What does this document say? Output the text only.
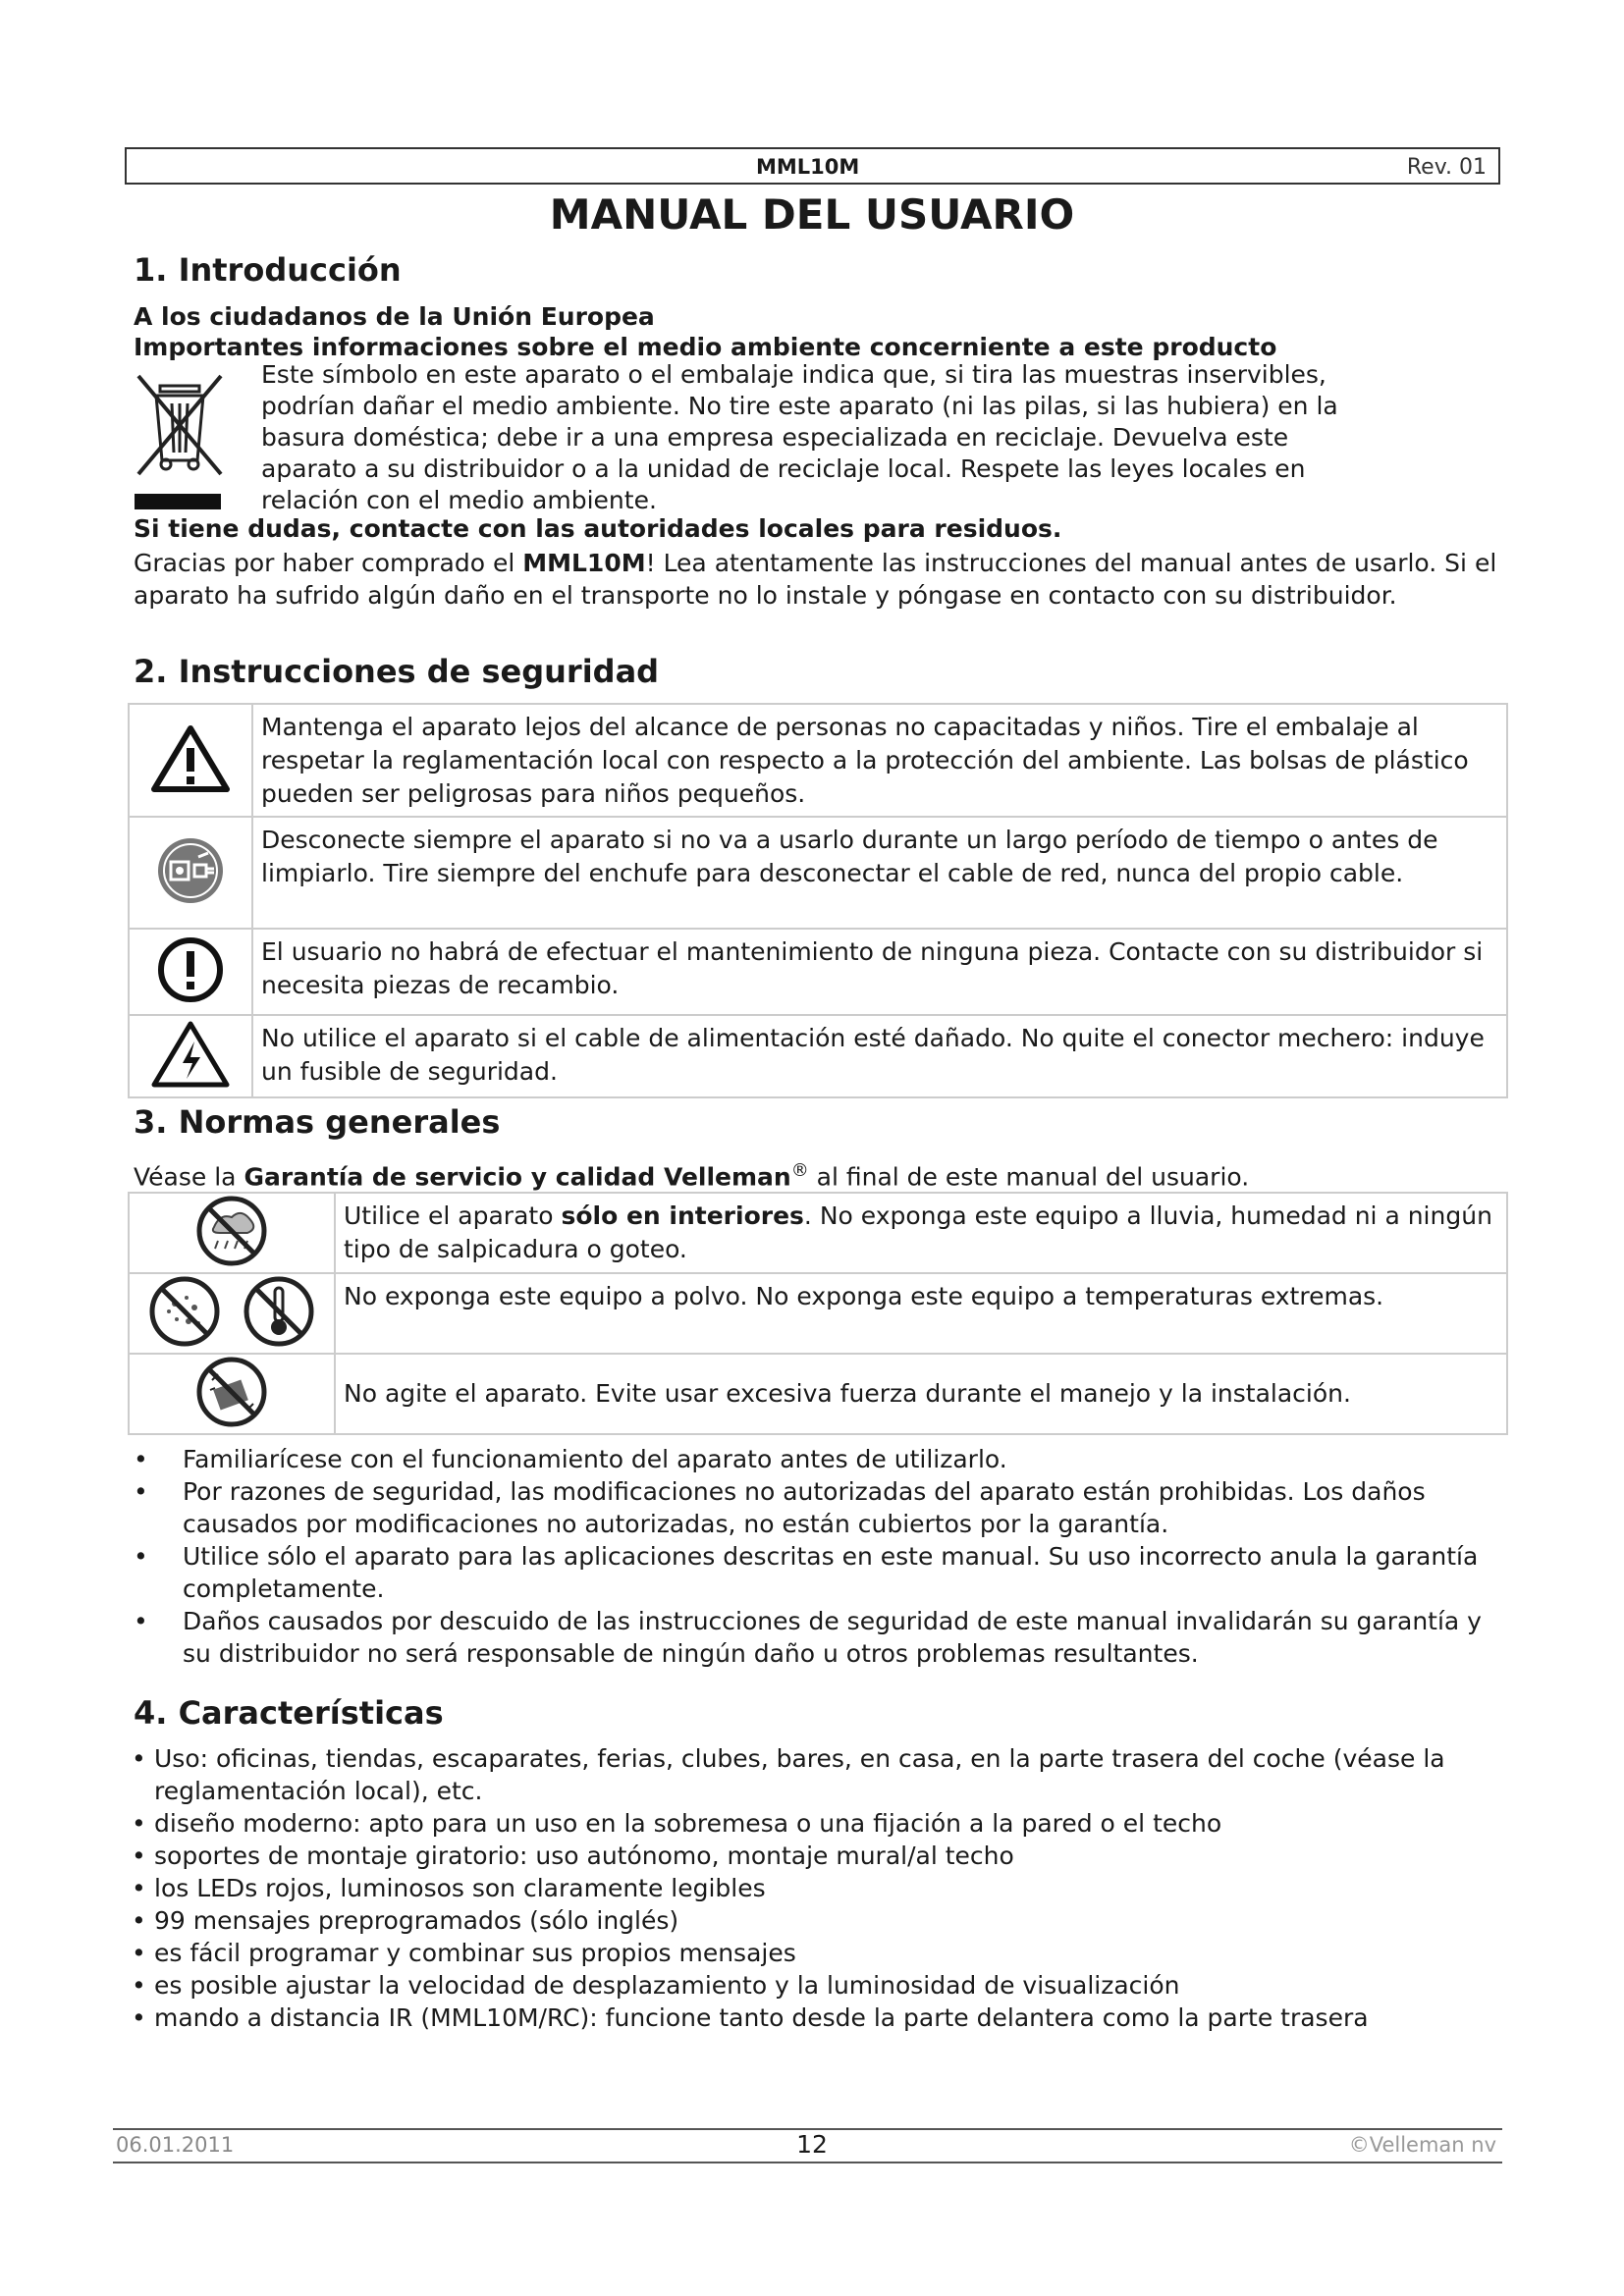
MML10M	Rev. 01
MANUAL DEL USUARIO
1. Introducción
A los ciudadanos de la Unión Europea
Importantes informaciones sobre el medio ambiente concerniente a este producto
Este símbolo en este aparato o el embalaje indica que, si tira las muestras inservibles,
podrían dañar el medio ambiente. No tire este aparato (ni las pilas, si las hubiera) en la
basura doméstica; debe ir a una empresa especializada en reciclaje. Devuelva este
aparato a su distribuidor o a la unidad de reciclaje local. Respete las leyes locales en
relación con el medio ambiente.
Si tiene dudas, contacte con las autoridades locales para residuos.
Gracias por haber comprado el MML10M! Lea atentamente las instrucciones del manual antes de usarlo. Si el aparato ha sufrido algún daño en el transporte no lo instale y póngase en contacto con su distribuidor.
2. Instrucciones de seguridad
	Mantenga el aparato lejos del alcance de personas no capacitadas y niños. Tire el embalaje al respetar la reglamentación local con respecto a la protección del ambiente. Las bolsas de plástico pueden ser peligrosas para niños pequeños.
	Desconecte siempre el aparato si no va a usarlo durante un largo período de tiempo o antes de limpiarlo. Tire siempre del enchufe para desconectar el cable de red, nunca del propio cable.
	El usuario no habrá de efectuar el mantenimiento de ninguna pieza. Contacte con su distribuidor si necesita piezas de recambio.
	No utilice el aparato si el cable de alimentación esté dañado. No quite el conector mechero: induye un fusible de seguridad.
3. Normas generales
Véase la Garantía de servicio y calidad Velleman® al final de este manual del usuario.
	Utilice el aparato sólo en interiores. No exponga este equipo a lluvia, humedad ni a ningún tipo de salpicadura o goteo.
	No exponga este equipo a polvo. No exponga este equipo a temperaturas extremas.
	No agite el aparato. Evite usar excesiva fuerza durante el manejo y la instalación.
• Familiarícese con el funcionamiento del aparato antes de utilizarlo.
• Por razones de seguridad, las modificaciones no autorizadas del aparato están prohibidas. Los daños causados por modificaciones no autorizadas, no están cubiertos por la garantía.
• Utilice sólo el aparato para las aplicaciones descritas en este manual. Su uso incorrecto anula la garantía completamente.
• Daños causados por descuido de las instrucciones de seguridad de este manual invalidarán su garantía y su distribuidor no será responsable de ningún daño u otros problemas resultantes.
4. Características
• Uso: oficinas, tiendas, escaparates, ferias, clubes, bares, en casa, en la parte trasera del coche (véase la reglamentación local), etc.
• diseño moderno: apto para un uso en la sobremesa o una fijación a la pared o el techo
• soportes de montaje giratorio: uso autónomo, montaje mural/al techo
• los LEDs rojos, luminosos son claramente legibles
• 99 mensajes preprogramados (sólo inglés)
• es fácil programar y combinar sus propios mensajes
• es posible ajustar la velocidad de desplazamiento y la luminosidad de visualización
• mando a distancia IR (MML10M/RC): funcione tanto desde la parte delantera como la parte trasera
06.01.2011	12	©Velleman nv
